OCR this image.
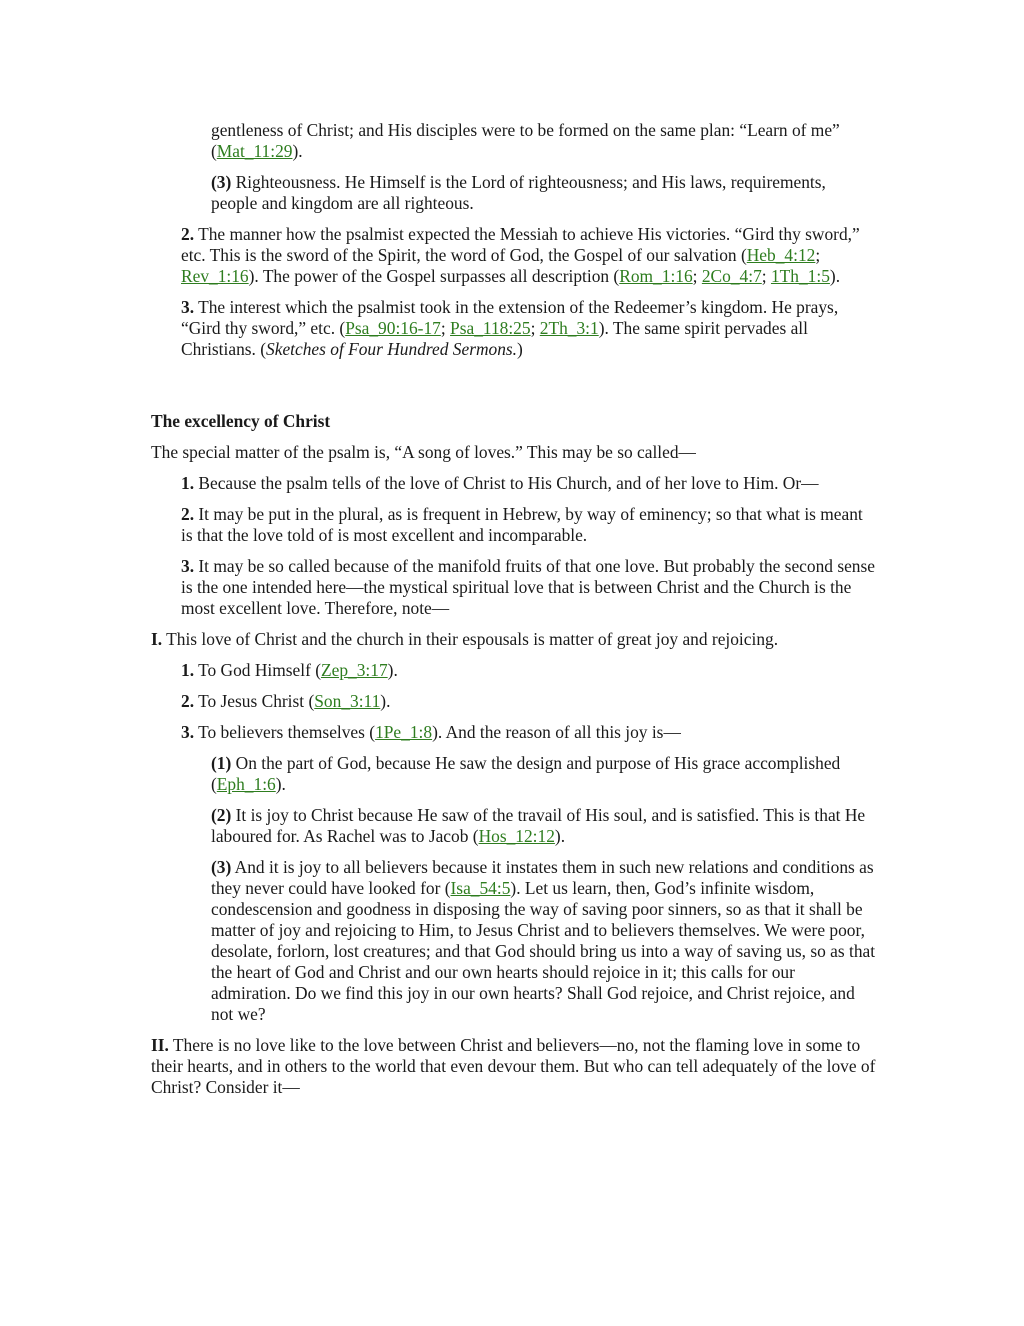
gentleness of Christ; and His disciples were to be formed on the same plan: “Learn of me” (Mat_11:29).

(3) Righteousness. He Himself is the Lord of righteousness; and His laws, requirements, people and kingdom are all righteous.

2. The manner how the psalmist expected the Messiah to achieve His victories. “Gird thy sword,” etc. This is the sword of the Spirit, the word of God, the Gospel of our salvation (Heb_4:12; Rev_1:16). The power of the Gospel surpasses all description (Rom_1:16; 2Co_4:7; 1Th_1:5).

3. The interest which the psalmist took in the extension of the Redeemer’s kingdom. He prays, “Gird thy sword,” etc. (Psa_90:16-17; Psa_118:25; 2Th_3:1). The same spirit pervades all Christians. (Sketches of Four Hundred Sermons.)

The excellency of Christ

The special matter of the psalm is, “A song of loves.” This may be so called—

1. Because the psalm tells of the love of Christ to His Church, and of her love to Him. Or—

2. It may be put in the plural, as is frequent in Hebrew, by way of eminency; so that what is meant is that the love told of is most excellent and incomparable.

3. It may be so called because of the manifold fruits of that one love. But probably the second sense is the one intended here—the mystical spiritual love that is between Christ and the Church is the most excellent love. Therefore, note—

I. This love of Christ and the church in their espousals is matter of great joy and rejoicing.

1. To God Himself (Zep_3:17).

2. To Jesus Christ (Son_3:11).

3. To believers themselves (1Pe_1:8). And the reason of all this joy is—

(1) On the part of God, because He saw the design and purpose of His grace accomplished (Eph_1:6).

(2) It is joy to Christ because He saw of the travail of His soul, and is satisfied. This is that He laboured for. As Rachel was to Jacob (Hos_12:12).

(3) And it is joy to all believers because it instates them in such new relations and conditions as they never could have looked for (Isa_54:5). Let us learn, then, God’s infinite wisdom, condescension and goodness in disposing the way of saving poor sinners, so as that it shall be matter of joy and rejoicing to Him, to Jesus Christ and to believers themselves. We were poor, desolate, forlorn, lost creatures; and that God should bring us into a way of saving us, so as that the heart of God and Christ and our own hearts should rejoice in it; this calls for our admiration. Do we find this joy in our own hearts? Shall God rejoice, and Christ rejoice, and not we?

II. There is no love like to the love between Christ and believers—no, not the flaming love in some to their hearts, and in others to the world that even devour them. But who can tell adequately of the love of Christ? Consider it—
